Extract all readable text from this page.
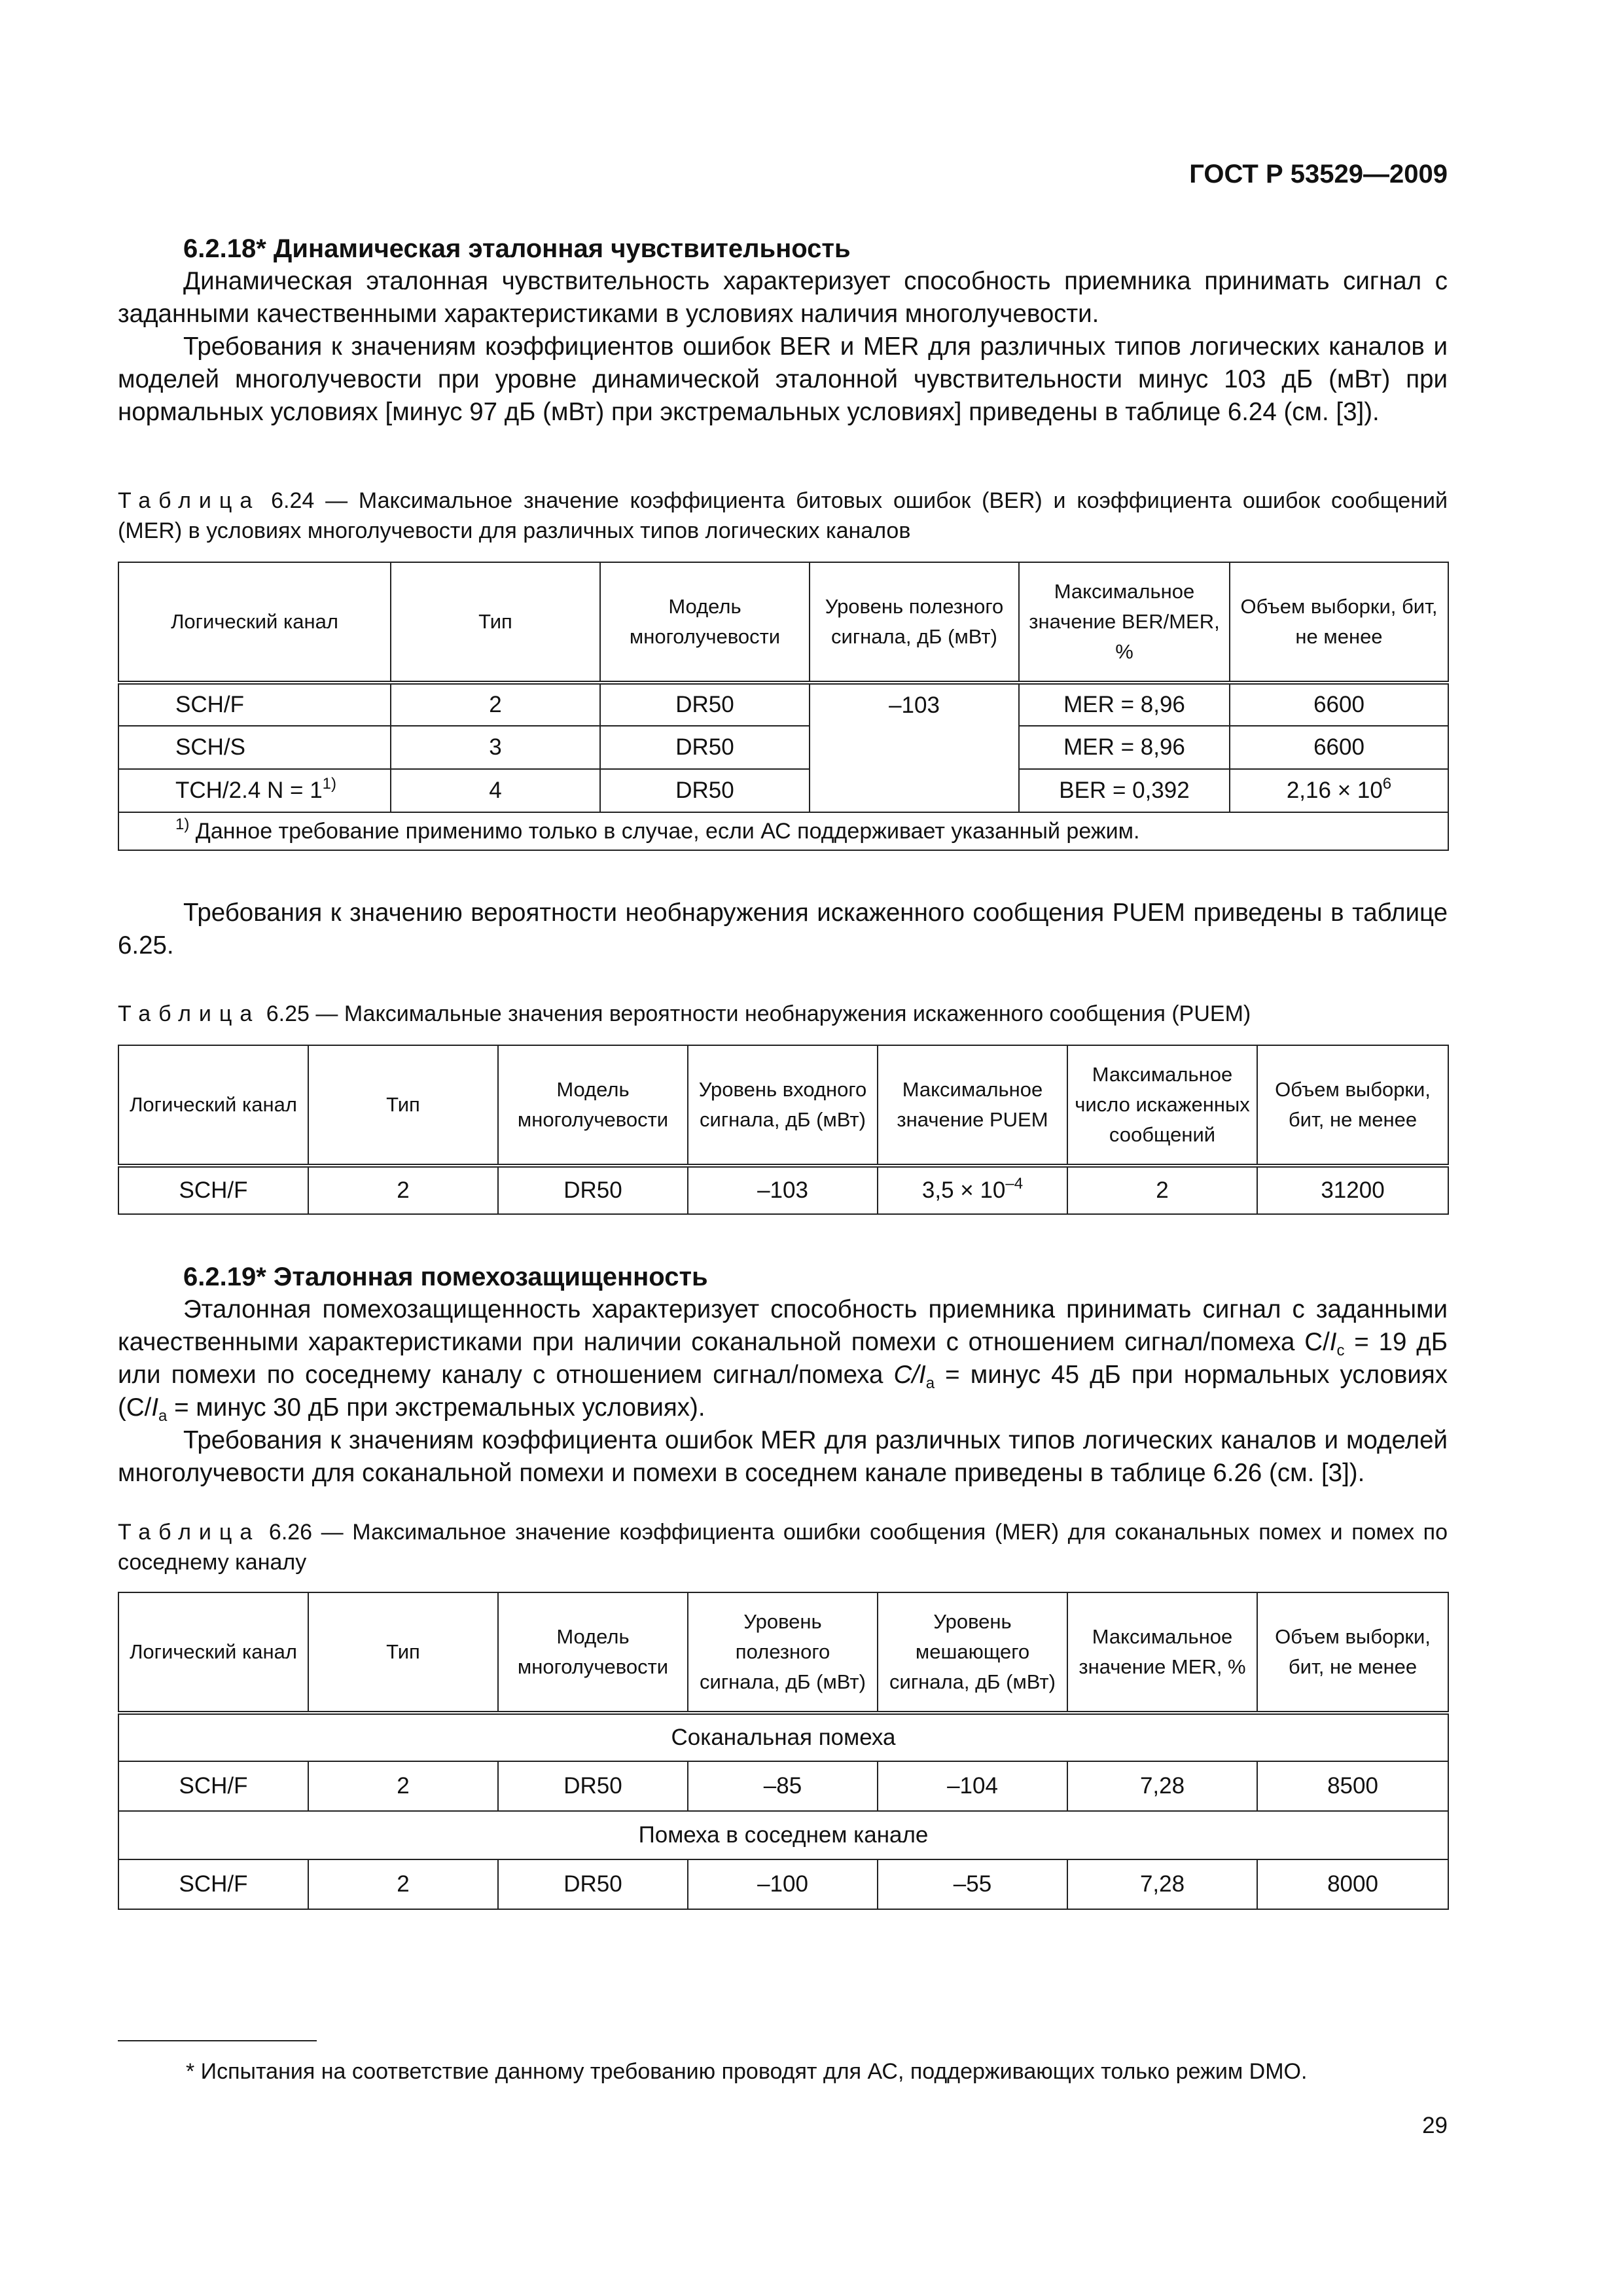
ГОСТ Р 53529—2009
6.2.18* Динамическая эталонная чувствительность

Динамическая эталонная чувствительность характеризует способность приемника принимать сигнал с заданными качественными характеристиками в условиях наличия многолучевости.

Требования к значениям коэффициентов ошибок BER и MER для различных типов логических каналов и моделей многолучевости при уровне динамической эталонной чувствительности минус 103 дБ (мВт) при нормальных условиях [минус 97 дБ (мВт) при экстремальных условиях] приведены в таблице 6.24 (см. [3]).

Таблица 6.24 — Максимальное значение коэффициента битовых ошибок (BER) и коэффициента ошибок сообщений (MER) в условиях многолучевости для различных типов логических каналов
Логический канал	Тип	Модель многолучевости	Уровень полезного сигнала, дБ (мВт)	Максимальное значение BER/MER, %	Объем выборки, бит, не менее
SCH/F	2	DR50	–103	MER = 8,96	6600
SCH/S	3	DR50		MER = 8,96	6600
TCH/2.4 $N = 1^{1)}$	4	DR50		BER = 0,392	$2,16 \times 10^6$
$^{1)}$ Данное требование применимо только в случае, если АС поддерживает указанный режим.					

Требования к значению вероятности необнаружения искаженного сообщения PUEM приведены в таблице 6.25.

Таблица 6.25 — Максимальные значения вероятности необнаружения искаженного сообщения (PUEM)
Логический канал	Тип	Модель многолучевости	Уровень входного сигнала, дБ (мВт)	Максимальное значение PUEM	Максимальное число искаженных сообщений	Объем выборки, бит, не менее
SCH/F	2	DR50	–103	$3,5 \times 10^{-4}$	2	31200
6.2.19* Эталонная помехозащищенность

Эталонная помехозащищенность характеризует способность приемника принимать сигнал с заданными качественными характеристиками при наличии соканальной помехи с отношением сигнал/помеха $C/I_c = 19$ дБ или помехи по соседнему каналу с отношением сигнал/помеха $C/I_a$ = минус 45 дБ при нормальных условиях ($C/I_a$ = минус 30 дБ при экстремальных условиях).

Требования к значениям коэффициента ошибок MER для различных типов логических каналов и моделей многолучевости для соканальной помехи и помехи в соседнем канале приведены в таблице 6.26 (см. [3]).

Таблица 6.26 — Максимальное значение коэффициента ошибки сообщения (MER) для соканальных помех и помех по соседнему каналу
Логический канал	Тип	Модель многолучевости	Уровень полезного сигнала, дБ (мВт)	Уровень мешающего сигнала, дБ (мВт)	Максимальное значение MER, %	Объем выборки, бит, не менее
Соканальная помеха						
SCH/F	2	DR50	–85	–104	7,28	8500
Помеха в соседнем канале						
SCH/F	2	DR50	–100	–55	7,28	8000
* Испытания на соответствие данному требованию проводят для АС, поддерживающих только режим DMO.
29
